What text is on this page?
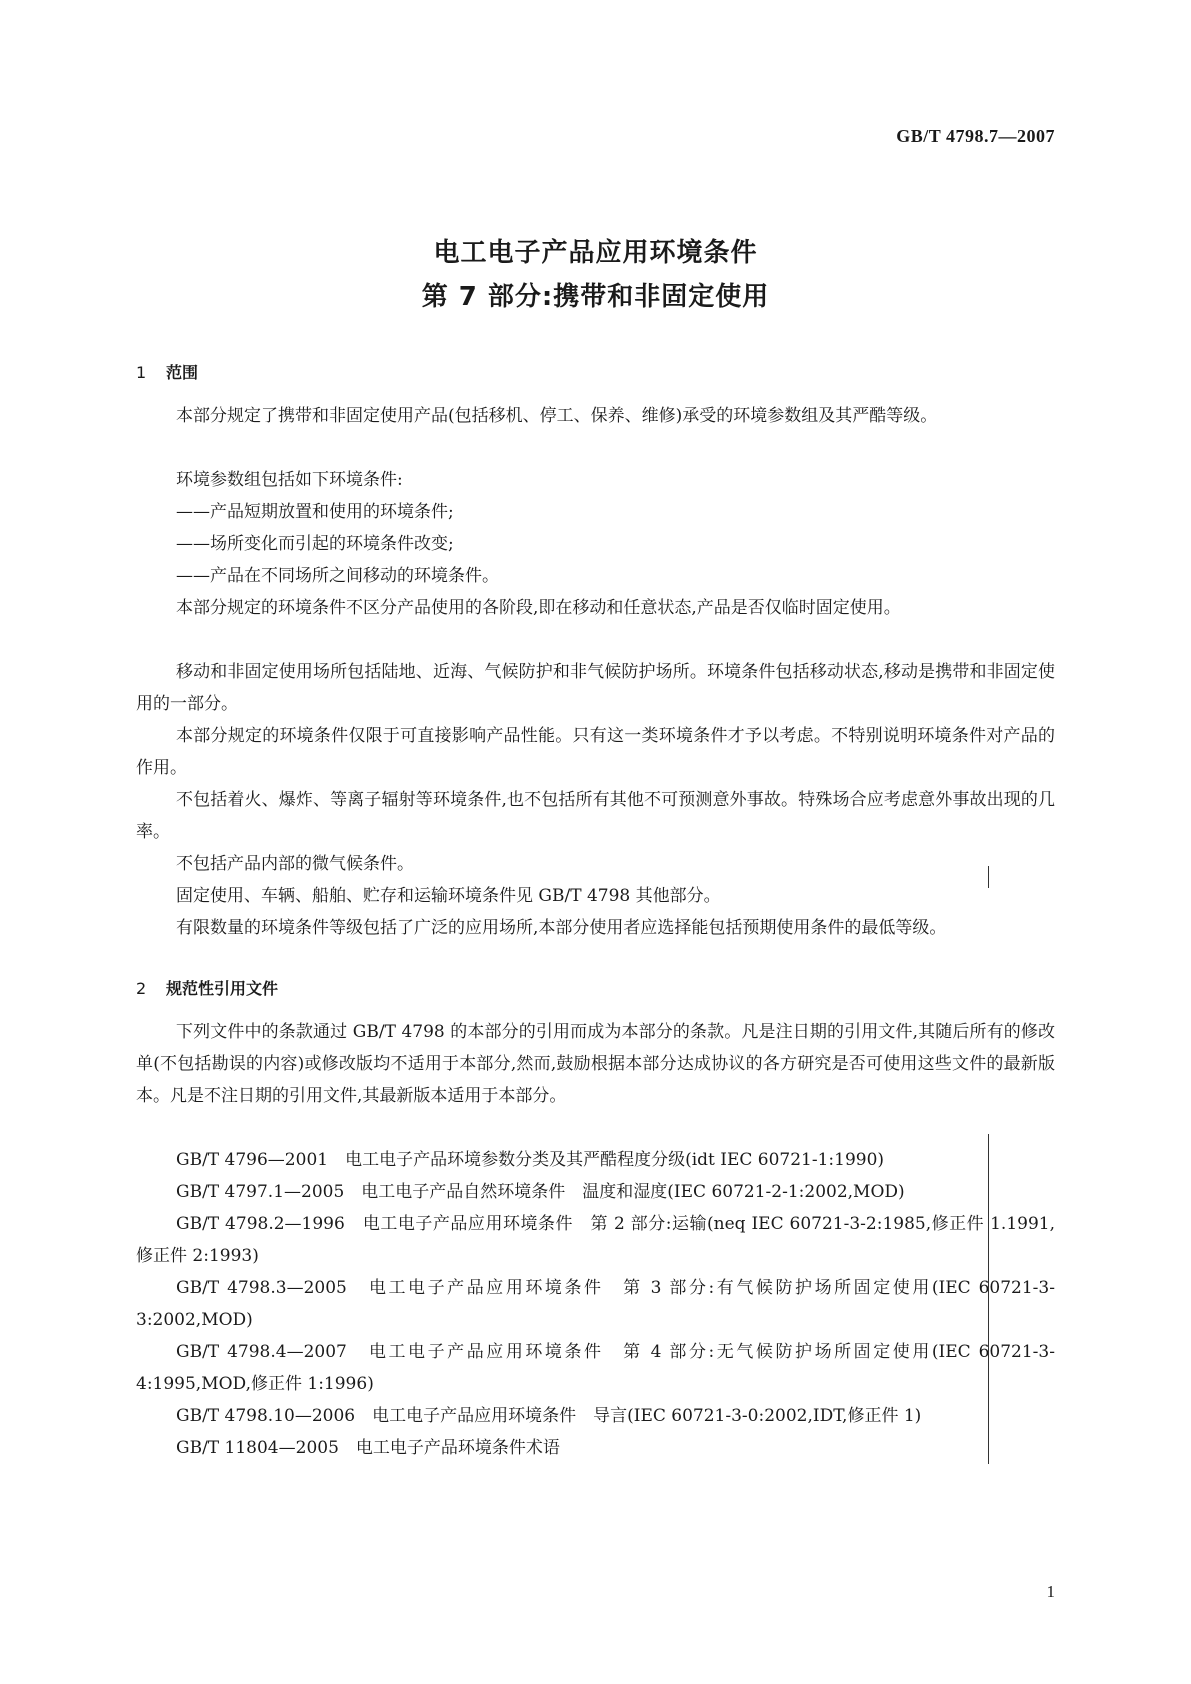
GB/T 4798.7—2007
电工电子产品应用环境条件
第 7 部分:携带和非固定使用
1 范围
本部分规定了携带和非固定使用产品(包括移机、停工、保养、维修)承受的环境参数组及其严酷等级。
环境参数组包括如下环境条件:
——产品短期放置和使用的环境条件;
——场所变化而引起的环境条件改变;
——产品在不同场所之间移动的环境条件。
本部分规定的环境条件不区分产品使用的各阶段,即在移动和任意状态,产品是否仅临时固定使用。
移动和非固定使用场所包括陆地、近海、气候防护和非气候防护场所。环境条件包括移动状态,移动是携带和非固定使用的一部分。
本部分规定的环境条件仅限于可直接影响产品性能。只有这一类环境条件才予以考虑。不特别说明环境条件对产品的作用。
不包括着火、爆炸、等离子辐射等环境条件,也不包括所有其他不可预测意外事故。特殊场合应考虑意外事故出现的几率。
不包括产品内部的微气候条件。
固定使用、车辆、船舶、贮存和运输环境条件见 GB/T 4798 其他部分。
有限数量的环境条件等级包括了广泛的应用场所,本部分使用者应选择能包括预期使用条件的最低等级。
2 规范性引用文件
下列文件中的条款通过 GB/T 4798 的本部分的引用而成为本部分的条款。凡是注日期的引用文件,其随后所有的修改单(不包括勘误的内容)或修改版均不适用于本部分,然而,鼓励根据本部分达成协议的各方研究是否可使用这些文件的最新版本。凡是不注日期的引用文件,其最新版本适用于本部分。
GB/T 4796—2001　电工电子产品环境参数分类及其严酷程度分级(idt IEC 60721-1:1990)
GB/T 4797.1—2005　电工电子产品自然环境条件　温度和湿度(IEC 60721-2-1:2002,MOD)
GB/T 4798.2—1996　电工电子产品应用环境条件　第 2 部分:运输(neq IEC 60721-3-2:1985,修正件 1.1991,修正件 2:1993)
GB/T 4798.3—2005　电工电子产品应用环境条件　第 3 部分:有气候防护场所固定使用(IEC 60721-3-3:2002,MOD)
GB/T 4798.4—2007　电工电子产品应用环境条件　第 4 部分:无气候防护场所固定使用(IEC 60721-3-4:1995,MOD,修正件 1:1996)
GB/T 4798.10—2006　电工电子产品应用环境条件　导言(IEC 60721-3-0:2002,IDT,修正件 1)
GB/T 11804—2005　电工电子产品环境条件术语
1
